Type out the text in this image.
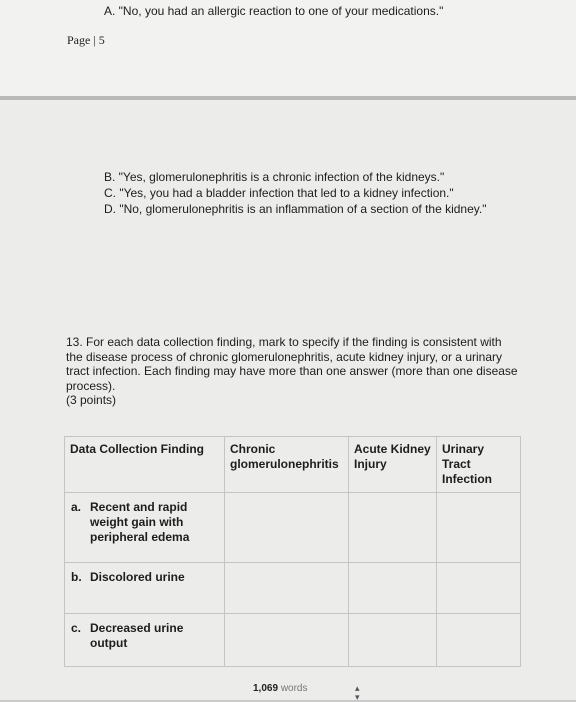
A. "No, you had an allergic reaction to one of your medications."
Page | 5
B. "Yes, glomerulonephritis is a chronic infection of the kidneys."
C. "Yes, you had a bladder infection that led to a kidney infection."
D. "No, glomerulonephritis is an inflammation of a section of the kidney."
13. For each data collection finding, mark to specify if the finding is consistent with the disease process of chronic glomerulonephritis, acute kidney injury, or a urinary tract infection. Each finding may have more than one answer (more than one disease process).
(3 points)
Data Collection Finding	Chronic glomerulonephritis	Acute Kidney Injury	Urinary Tract Infection

a. Recent and rapid weight gain with peripheral edema			

b. Discolored urine			

c. Decreased urine output			

1,069 words	▴
▾
